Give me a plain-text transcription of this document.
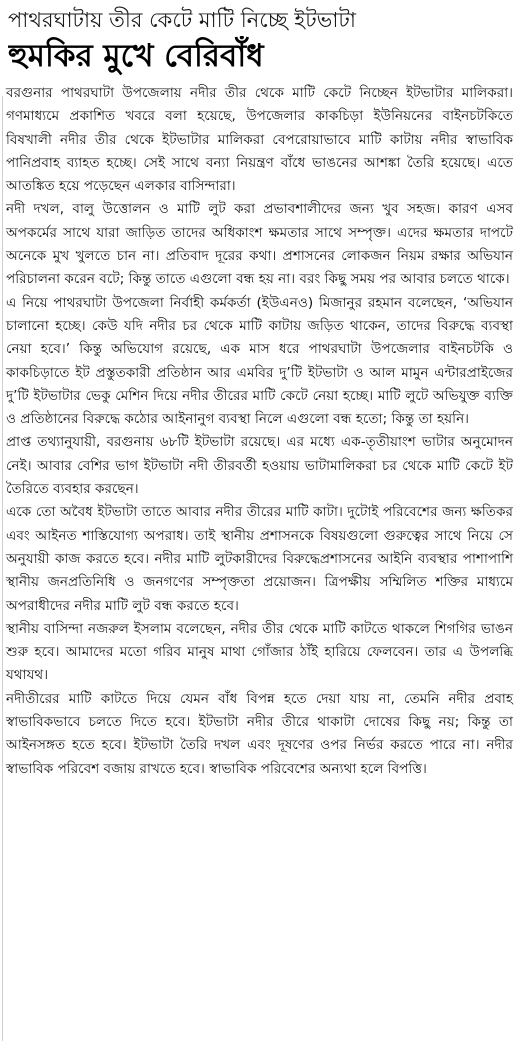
পাথরঘাটায় তীর কেটে মাটি নিচ্ছে ইটভাটা
হুমকির মুখে বেরিবাঁধ

বরগুনার পাথরঘাটা উপজেলায় নদীর তীর থেকে মাটি কেটে নিচ্ছেন ইটভাটার মালিকরা। গণমাধ্যমে প্রকাশিত খবরে বলা হয়েছে, উপজেলার কাকচিড়া ইউনিয়নের বাইনচটকিতে বিষখালী নদীর তীর থেকে ইটভাটার মালিকরা বেপরোয়াভাবে মাটি কাটায় নদীর স্বাভাবিক পানিপ্রবাহ ব্যাহত হচ্ছে। সেই সাথে বন্যা নিয়ন্ত্রণ বাঁধে ভাঙনের আশঙ্কা তৈরি হয়েছে। এতে আতঙ্কিত হয়ে পড়েছেন এলকার বাসিন্দারা।

নদী দখল, বালু উত্তোলন ও মাটি লুট করা প্রভাবশালীদের জন্য খুব সহজ। কারণ এসব অপকর্মের সাথে যারা জাড়িত তাদের অধিকাংশ ক্ষমতার সাথে সম্পৃক্ত। এদের ক্ষমতার দাপটে অনেকে মুখ খুলতে চান না। প্রতিবাদ দূরের কথা। প্রশাসনের লোকজন নিয়ম রক্ষার অভিযান পরিচালনা করেন বটে; কিন্তু তাতে এগুলো বন্ধ হয় না। বরং কিছু সময় পর আবার চলতে থাকে।

এ নিয়ে পাথরঘাটা উপজেলা নির্বাহী কর্মকর্তা (ইউএনও) মিজানুর রহমান বলেছেন, ‘অভিযান চালানো হচ্ছে। কেউ যদি নদীর চর থেকে মাটি কাটায় জড়িত থাকেন, তাদের বিরুদ্ধে ব্যবস্থা নেয়া হবে।’ কিন্তু অভিযোগ রয়েছে, এক মাস ধরে পাথরঘাটা উপজেলার বাইনচটকি ও কাকচিড়াতে ইট প্রস্তুতকারী প্রতিষ্ঠান আর এমবির দু’টি ইটভাটা ও আল মামুন এন্টারপ্রাইজের দু’টি ইটভাটার ভেকু মেশিন দিয়ে নদীর তীরের মাটি কেটে নেয়া হচ্ছে। মাটি লুটে অভিযুক্ত ব্যক্তি ও প্রতিষ্ঠানের বিরুদ্ধে কঠোর আইনানুগ ব্যবস্থা নিলে এগুলো বন্ধ হতো; কিন্তু তা হয়নি।

প্রাপ্ত তথ্যানুযায়ী, বরগুনায় ৬৮টি ইটভাটা রয়েছে। এর মধ্যে এক-তৃতীয়াংশ ভাটার অনুমোদন নেই। আবার বেশির ভাগ ইটভাটা নদী তীরবর্তী হওয়ায় ভাটামালিকরা চর থেকে মাটি কেটে ইট তৈরিতে ব্যবহার করছেন।

একে তো অবৈধ ইটভাটা তাতে আবার নদীর তীরের মাটি কাটা। দুটোই পরিবেশের জন্য ক্ষতিকর এবং আইনত শাস্তিযোগ্য অপরাধ। তাই স্থানীয় প্রশাসনকে বিষয়গুলো গুরুত্বের সাথে নিয়ে সে অনুযায়ী কাজ করতে হবে। নদীর মাটি লুটকারীদের বিরুদ্ধেপ্রশাসনের আইনি ব্যবস্থার পাশাপাশি স্থানীয় জনপ্রতিনিধি ও জনগণের সম্পৃক্ততা প্রয়োজন। ত্রিপক্ষীয় সম্মিলিত শক্তির মাধ্যমে অপরাধীদের নদীর মাটি লুট বন্ধ করতে হবে।

স্থানীয় বাসিন্দা নজরুল ইসলাম বলেছেন, নদীর তীর থেকে মাটি কাটতে থাকলে শিগগির ভাঙন শুরু হবে। আমাদের মতো গরিব মানুষ মাথা গোঁজার ঠাঁই হারিয়ে ফেলবেন। তার এ উপলব্ধি যথাযথ।

নদীতীরের মাটি কাটতে দিয়ে যেমন বাঁধ বিপন্ন হতে দেয়া যায় না, তেমনি নদীর প্রবাহ স্বাভাবিকভাবে চলতে দিতে হবে। ইটভাটা নদীর তীরে থাকাটা দোষের কিছু নয়; কিন্তু তা আইনসঙ্গত হতে হবে। ইটভাটা তৈরি দখল এবং দূষণের ওপর নির্ভর করতে পারে না। নদীর স্বাভাবিক পরিবেশ বজায় রাখতে হবে। স্বাভাবিক পরিবেশের অন্যথা হলে বিপত্তি।
